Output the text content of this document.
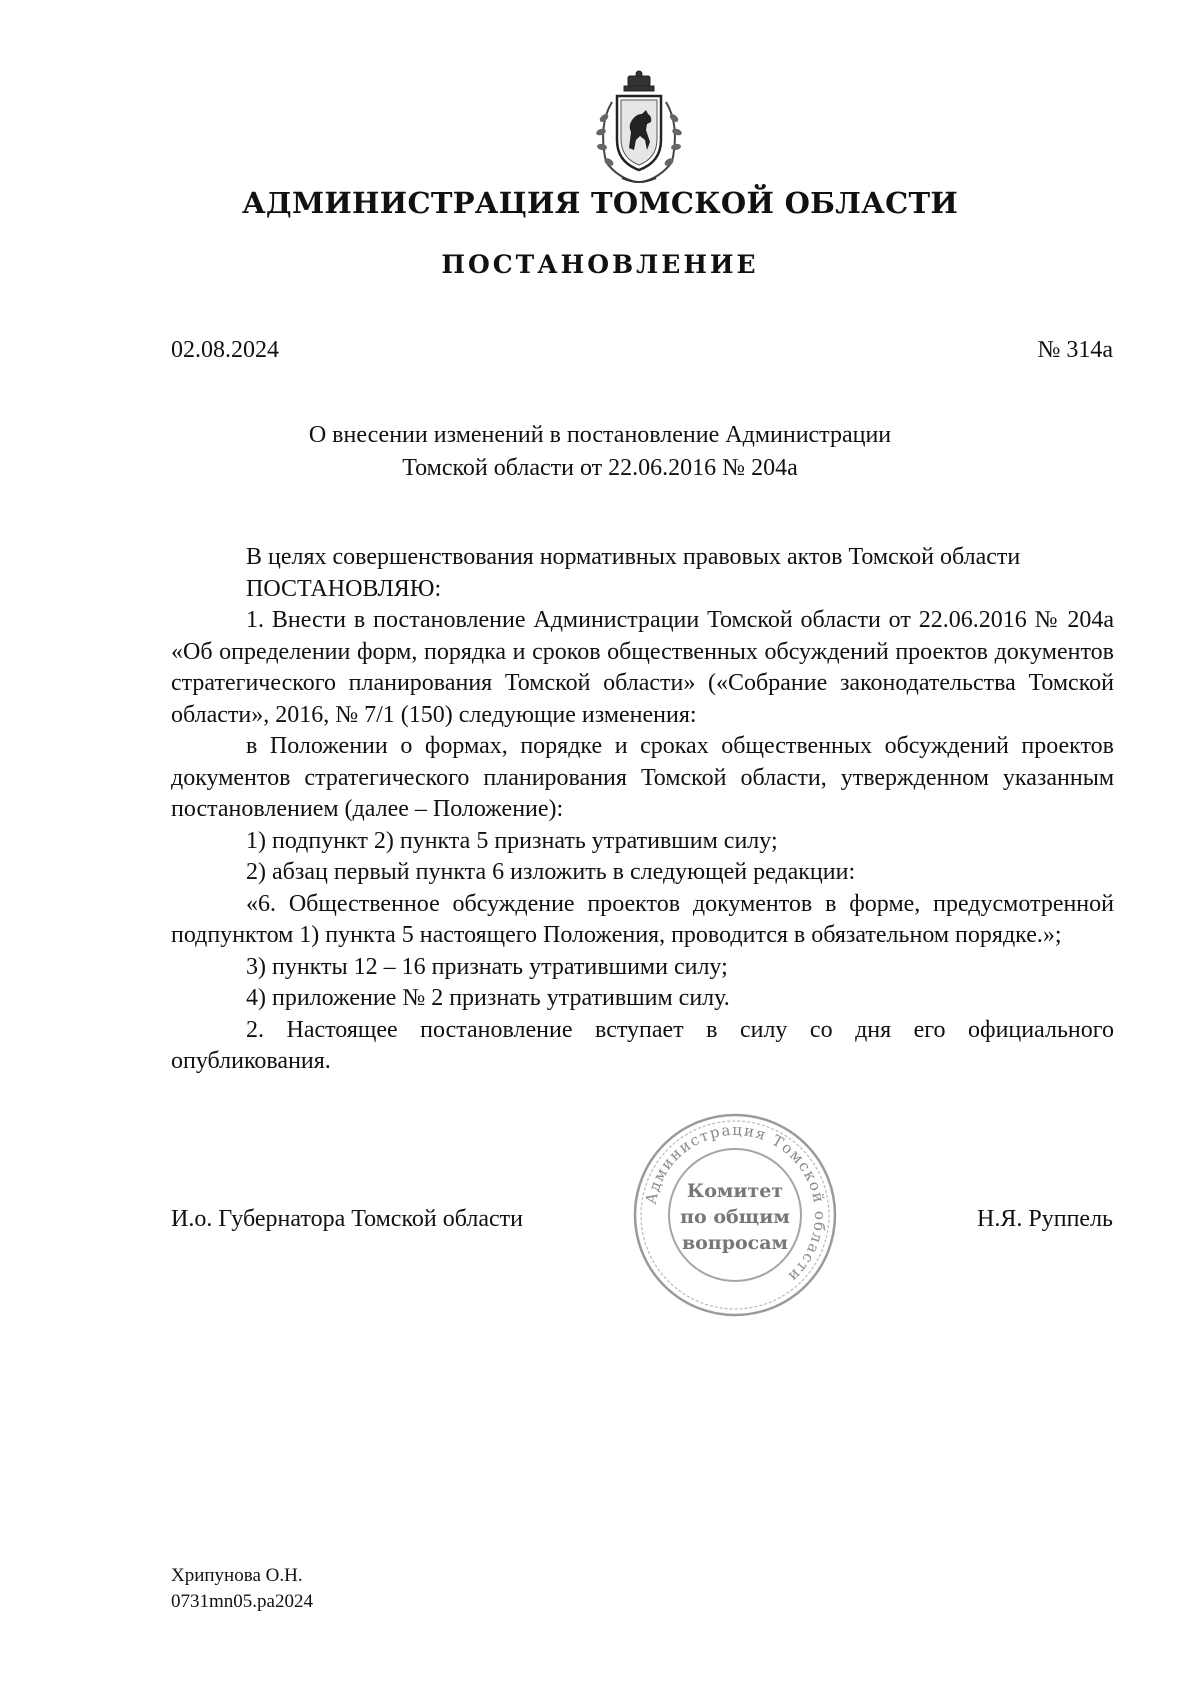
АДМИНИСТРАЦИЯ ТОМСКОЙ ОБЛАСТИ
ПОСТАНОВЛЕНИЕ
02.08.2024	№ 314а
О внесении изменений в постановление Администрации
Томской области от 22.06.2016 № 204а

В целях совершенствования нормативных правовых актов Томской области

ПОСТАНОВЛЯЮ:

1. Внести в постановление Администрации Томской области от 22.06.2016 № 204а «Об определении форм, порядка и сроков общественных обсуждений проектов документов стратегического планирования Томской области» («Собрание законодательства Томской области», 2016, № 7/1 (150) следующие изменения:

в Положении о формах, порядке и сроках общественных обсуждений проектов документов стратегического планирования Томской области, утвержденном указанным постановлением (далее – Положение):

1) подпункт 2) пункта 5 признать утратившим силу;

2) абзац первый пункта 6 изложить в следующей редакции:

«6. Общественное обсуждение проектов документов в форме, предусмотренной подпунктом 1) пункта 5 настоящего Положения, проводится в обязательном порядке.»;

3) пункты 12 – 16 признать утратившими силу;

4) приложение № 2 признать утратившим силу.

2. Настоящее постановление вступает в силу со дня его официального опубликования.

И.о. Губернатора Томской области	Н.Я. Руппель
Администрация Томской области
Комитет
по общим
вопросам
Хрипунова О.Н.
0731mn05.pa2024
